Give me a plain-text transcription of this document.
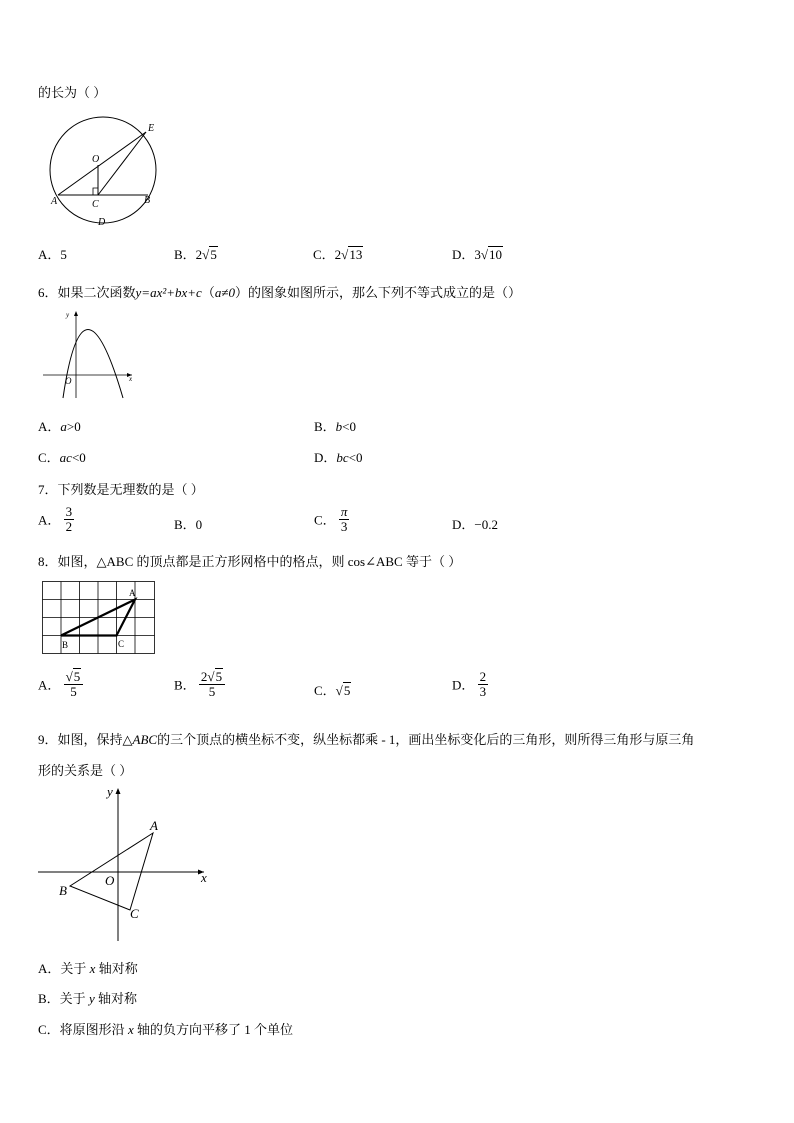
的长为（ ）
E
O
A	C	B
D
A．5	B．2√5	C．2√13	D．3√10
6．如果二次函数y=ax²+bx+c（a≠0）的图象如图所示，那么下列不等式成立的是（）
y
x
O
A．a>0	B．b<0
C．ac<0	D．bc<0
7．下列数是无理数的是（ ）
A． $\frac{3}{2}$	B．0	C． $\frac{\pi}{3}$	D．−0.2
8．如图，△ABC 的顶点都是正方形网格中的格点，则 cos∠ABC 等于（ ）
A
B	C
A． $\frac{√5}{5}$	B． $\frac{2√5}{5}$	C．√5	D． $\frac{2}{3}$
9．如图，保持△ABC的三个顶点的横坐标不变，纵坐标都乘 - 1，画出坐标变化后的三角形，则所得三角形与原三角
形的关系是（ ）
y
x
O
A
B
C
A．关于 x 轴对称
B．关于 y 轴对称
C．将原图形沿 x 轴的负方向平移了 1 个单位
